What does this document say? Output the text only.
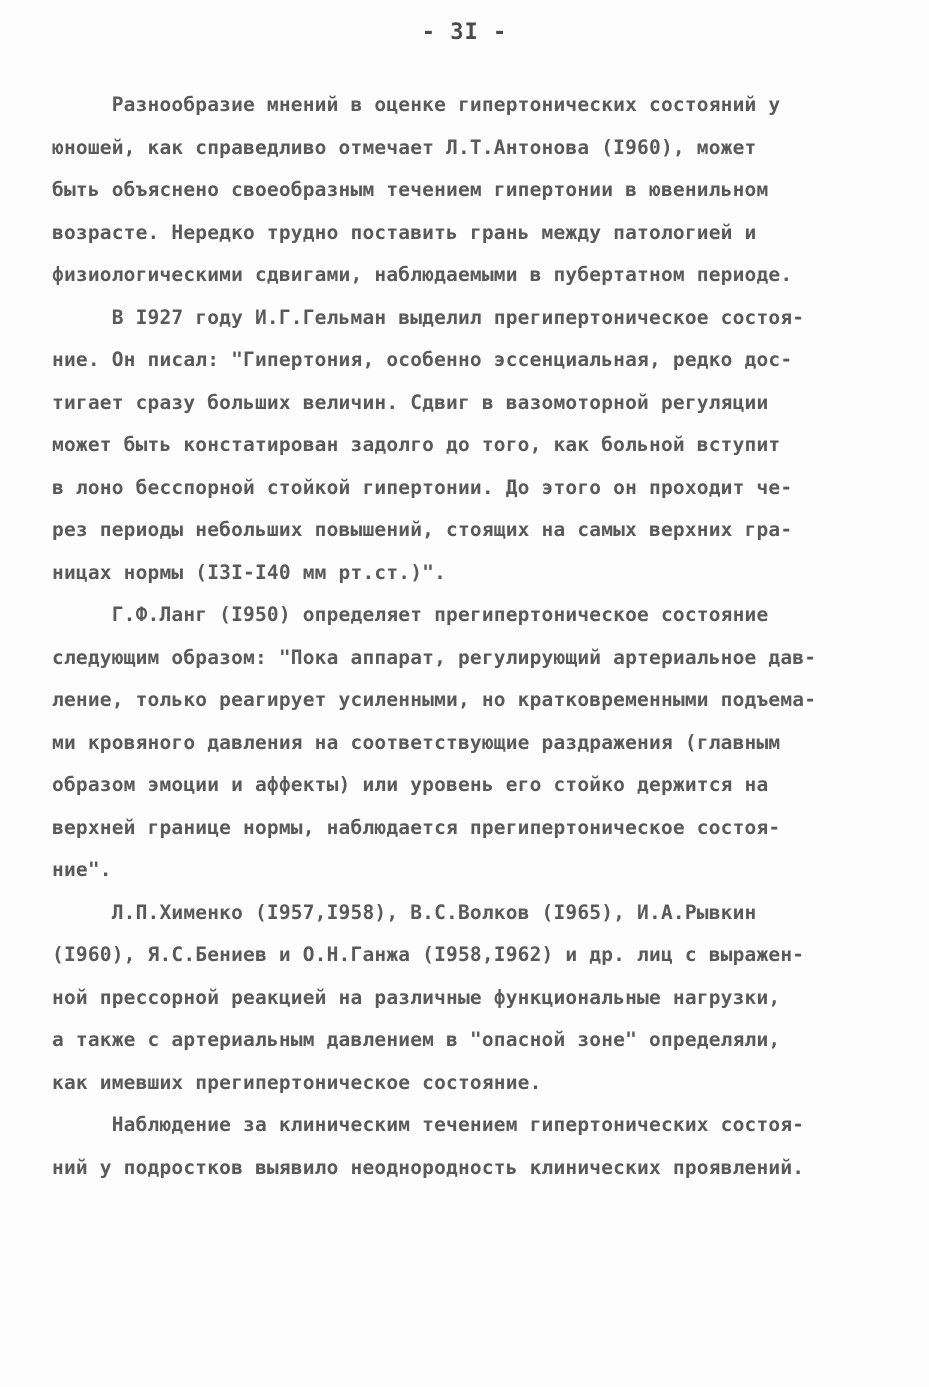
- 3I -
Разнообразие мнений в оценке гипертонических состояний у
юношей, как справедливо отмечает Л.Т.Антонова (I960), может
быть объяснено своеобразным течением гипертонии в ювенильном
возрасте. Нередко трудно поставить грань между патологией и
физиологическими сдвигами, наблюдаемыми в пубертатном периоде.
В I927 году И.Г.Гельман выделил прегипертоническое состоя-
ние. Он писал: "Гипертония, особенно эссенциальная, редко дос-
тигает сразу больших величин. Сдвиг в вазомоторной регуляции
может быть констатирован задолго до того, как больной вступит
в лоно бесспорной стойкой гипертонии. До этого он проходит че-
рез периоды небольших повышений, стоящих на самых верхних гра-
ницах нормы (I3I-I40 мм рт.ст.)".
Г.Ф.Ланг (I950) определяет прегипертоническое состояние
следующим образом: "Пока аппарат, регулирующий артериальное дав-
ление, только реагирует усиленными, но кратковременными подъема-
ми кровяного давления на соответствующие раздражения (главным
образом эмоции и аффекты) или уровень его стойко держится на
верхней границе нормы, наблюдается прегипертоническое состоя-
ние".
Л.П.Хименко (I957,I958), В.С.Волков (I965), И.А.Рывкин
(I960), Я.С.Бениев и О.Н.Ганжа (I958,I962) и др. лиц с выражен-
ной прессорной реакцией на различные функциональные нагрузки,
а также с артериальным давлением в "опасной зоне" определяли,
как имевших прегипертоническое состояние.
Наблюдение за клиническим течением гипертонических состоя-
ний у подростков выявило неоднородность клинических проявлений.
